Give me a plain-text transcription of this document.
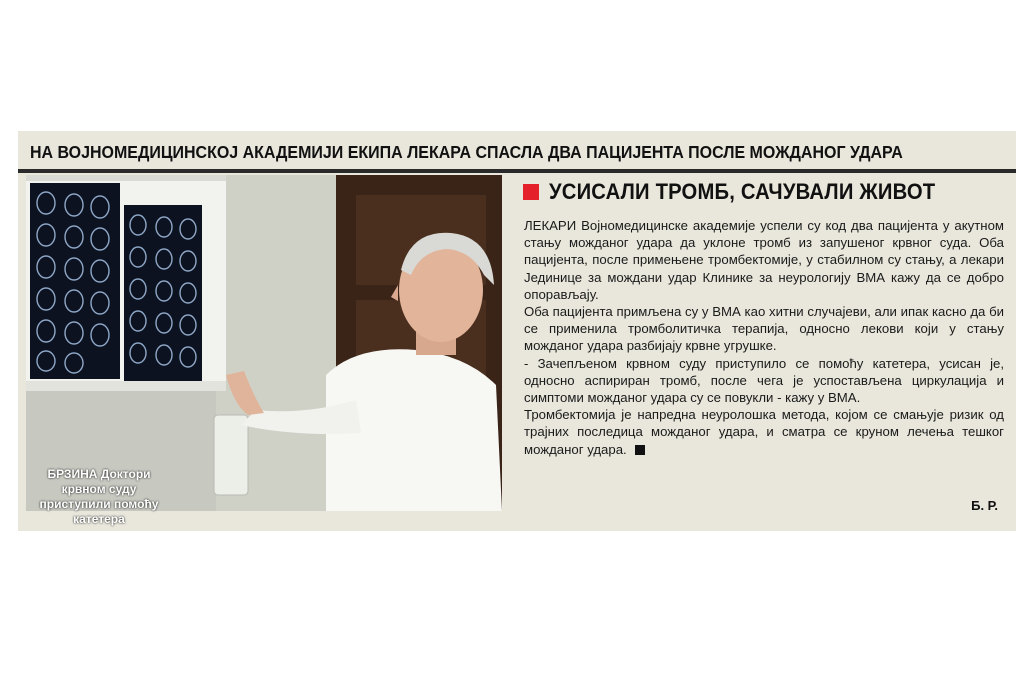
НА ВОЈНОМЕДИЦИНСКОЈ АКАДЕМИЈИ ЕКИПА ЛЕКАРА СПАСЛА ДВА ПАЦИЈЕНТА ПОСЛЕ МОЖДАНОГ УДАРА
БРЗИНА Доктори крвном суду приступили помоћу катетера
УСИСАЛИ ТРОМБ, САЧУВАЛИ ЖИВОТ

ЛЕКАРИ Војномедицинске академије успели су код два пацијента у акутном стању можданог удара да уклоне тромб из запушеног крвног суда. Оба пацијента, после примењене тромбектомије, у стабилном су стању, а лекари Јединице за мождани удар Клинике за неурологију ВМА кажу да се добро опорављају.

Оба пацијента примљена су у ВМА као хитни случајеви, али ипак касно да би се применила тромболитичка терапија, односно лекови који у стању можданог удара разбијају крвне угрушке.

- Зачепљеном крвном суду приступило се помоћу катетера, усисан је, односно аспириран тромб, после чега је успостављена циркулација и симптоми можданог удара су се повукли - кажу у ВМА.

Тромбектомија је напредна неуролошка метода, којом се смањује ризик од трајних последица можданог удара, и сматра се круном лечења тешког можданог удара.

Б. Р.
